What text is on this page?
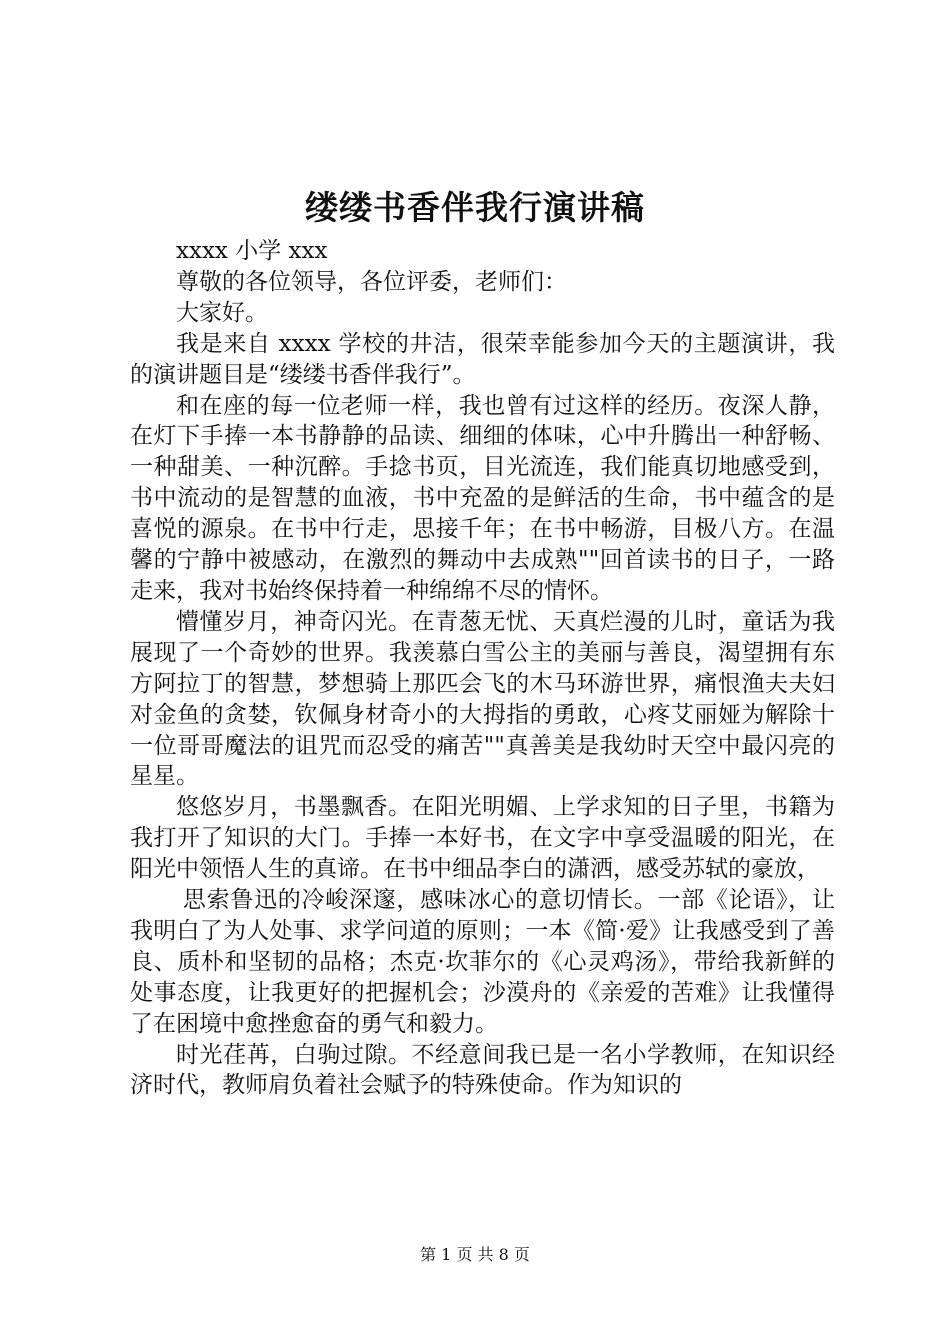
缕缕书香伴我行演讲稿

xxxx 小学 xxx

尊敬的各位领导，各位评委，老师们：

大家好。

我是来自 xxxx 学校的井洁，很荣幸能参加今天的主题演讲，我的演讲题目是“缕缕书香伴我行”。

和在座的每一位老师一样，我也曾有过这样的经历。夜深人静，在灯下手捧一本书静静的品读、细细的体味，心中升腾出一种舒畅、一种甜美、一种沉醉。手捻书页，目光流连，我们能真切地感受到，书中流动的是智慧的血液，书中充盈的是鲜活的生命，书中蕴含的是喜悦的源泉。在书中行走，思接千年；在书中畅游，目极八方。在温馨的宁静中被感动，在激烈的舞动中去成熟""回首读书的日子，一路走来，我对书始终保持着一种绵绵不尽的情怀。

懵懂岁月，神奇闪光。在青葱无忧、天真烂漫的儿时，童话为我展现了一个奇妙的世界。我羡慕白雪公主的美丽与善良，渴望拥有东方阿拉丁的智慧，梦想骑上那匹会飞的木马环游世界，痛恨渔夫夫妇对金鱼的贪婪，钦佩身材奇小的大拇指的勇敢，心疼艾丽娅为解除十一位哥哥魔法的诅咒而忍受的痛苦""真善美是我幼时天空中最闪亮的星星。

悠悠岁月，书墨飘香。在阳光明媚、上学求知的日子里，书籍为我打开了知识的大门。手捧一本好书，在文字中享受温暖的阳光，在阳光中领悟人生的真谛。在书中细品李白的潇洒，感受苏轼的豪放，

思索鲁迅的冷峻深邃，感味冰心的意切情长。一部《论语》，让我明白了为人处事、求学问道的原则；一本《简·爱》让我感受到了善良、质朴和坚韧的品格；杰克·坎菲尔的《心灵鸡汤》，带给我新鲜的处事态度，让我更好的把握机会；沙漠舟的《亲爱的苦难》让我懂得了在困境中愈挫愈奋的勇气和毅力。

时光荏苒，白驹过隙。不经意间我已是一名小学教师，在知识经济时代，教师肩负着社会赋予的特殊使命。作为知识的

第 1 页 共 8 页
